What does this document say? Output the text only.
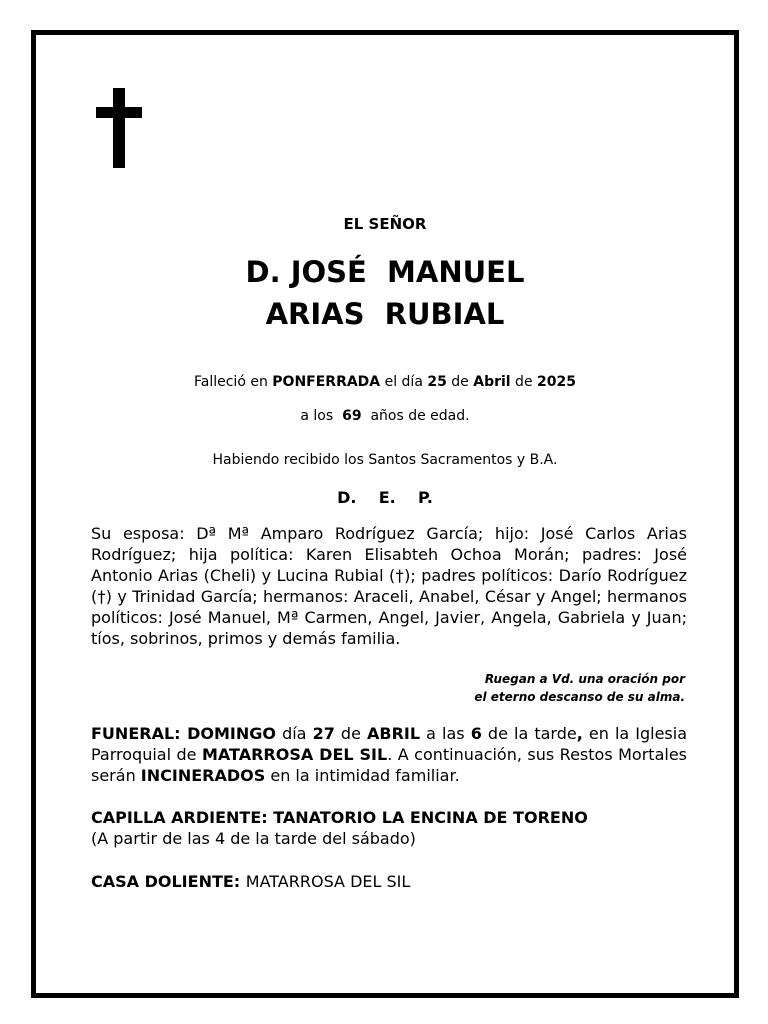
EL SEÑOR
D. JOSÉ  MANUEL
ARIAS  RUBIAL
Falleció en PONFERRADA el día 25 de Abril de 2025
a los  69  años de edad.
Habiendo recibido los Santos Sacramentos y B.A.
D.    E.    P.
Su esposa: Dª Mª Amparo Rodríguez García; hijo: José Carlos Arias Rodríguez; hija política: Karen Elisabteh Ochoa Morán; padres: José Antonio Arias (Cheli) y Lucina Rubial (†); padres políticos: Darío Rodríguez (†) y Trinidad García; hermanos: Araceli, Anabel, César y Angel; hermanos políticos: José Manuel, Mª Carmen, Angel, Javier, Angela, Gabriela y Juan; tíos, sobrinos, primos y demás familia.
Ruegan a Vd. una oración por
el eterno descanso de su alma.
FUNERAL: DOMINGO día 27 de ABRIL a las 6 de la tarde, en la Iglesia Parroquial de MATARROSA DEL SIL. A continuación, sus Restos Mortales serán INCINERADOS en la intimidad familiar.
CAPILLA ARDIENTE: TANATORIO LA ENCINA DE TORENO
(A partir de las 4 de la tarde del sábado)
CASA DOLIENTE: MATARROSA DEL SIL
